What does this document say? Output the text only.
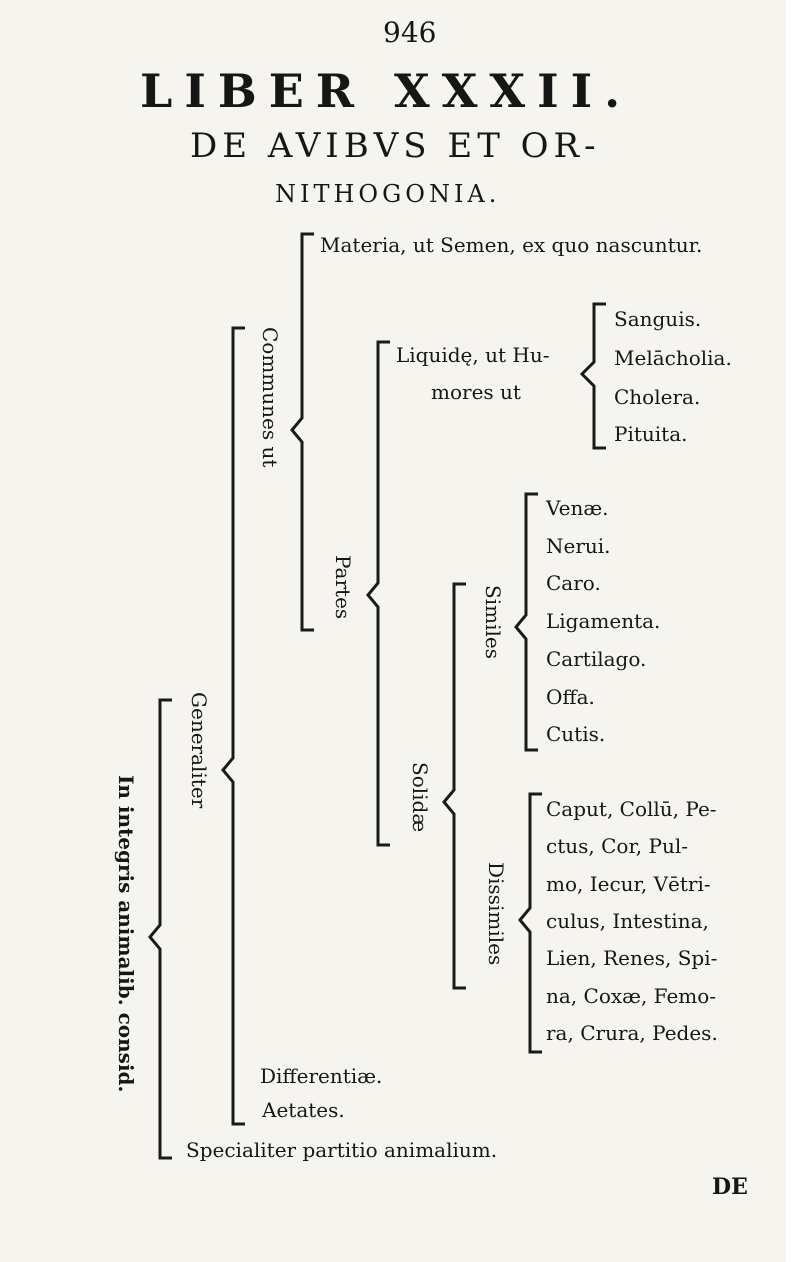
946
LIBER XXXII.
DE AVIBVS ET OR-
NITHOGONIA.
In integris animalib. consid.
Generaliter
Communes ut
Partes
Solidæ
Similes
Dissimiles
Materia, ut Semen, ex quo nascuntur.
Liquidę, ut Hu-
mores ut
Sanguis.
Melācholia.
Cholera.
Pituita.
Venæ.
Nerui.
Caro.
Ligamenta.
Cartilago.
Offa.
Cutis.
Caput, Collū, Pe-
ctus, Cor, Pul-
mo, Iecur, Vētri-
culus, Intestina,
Lien, Renes, Spi-
na, Coxæ, Femo-
ra, Crura, Pedes.
Differentiæ.
Aetates.
Specialiter partitio animalium.
DE
